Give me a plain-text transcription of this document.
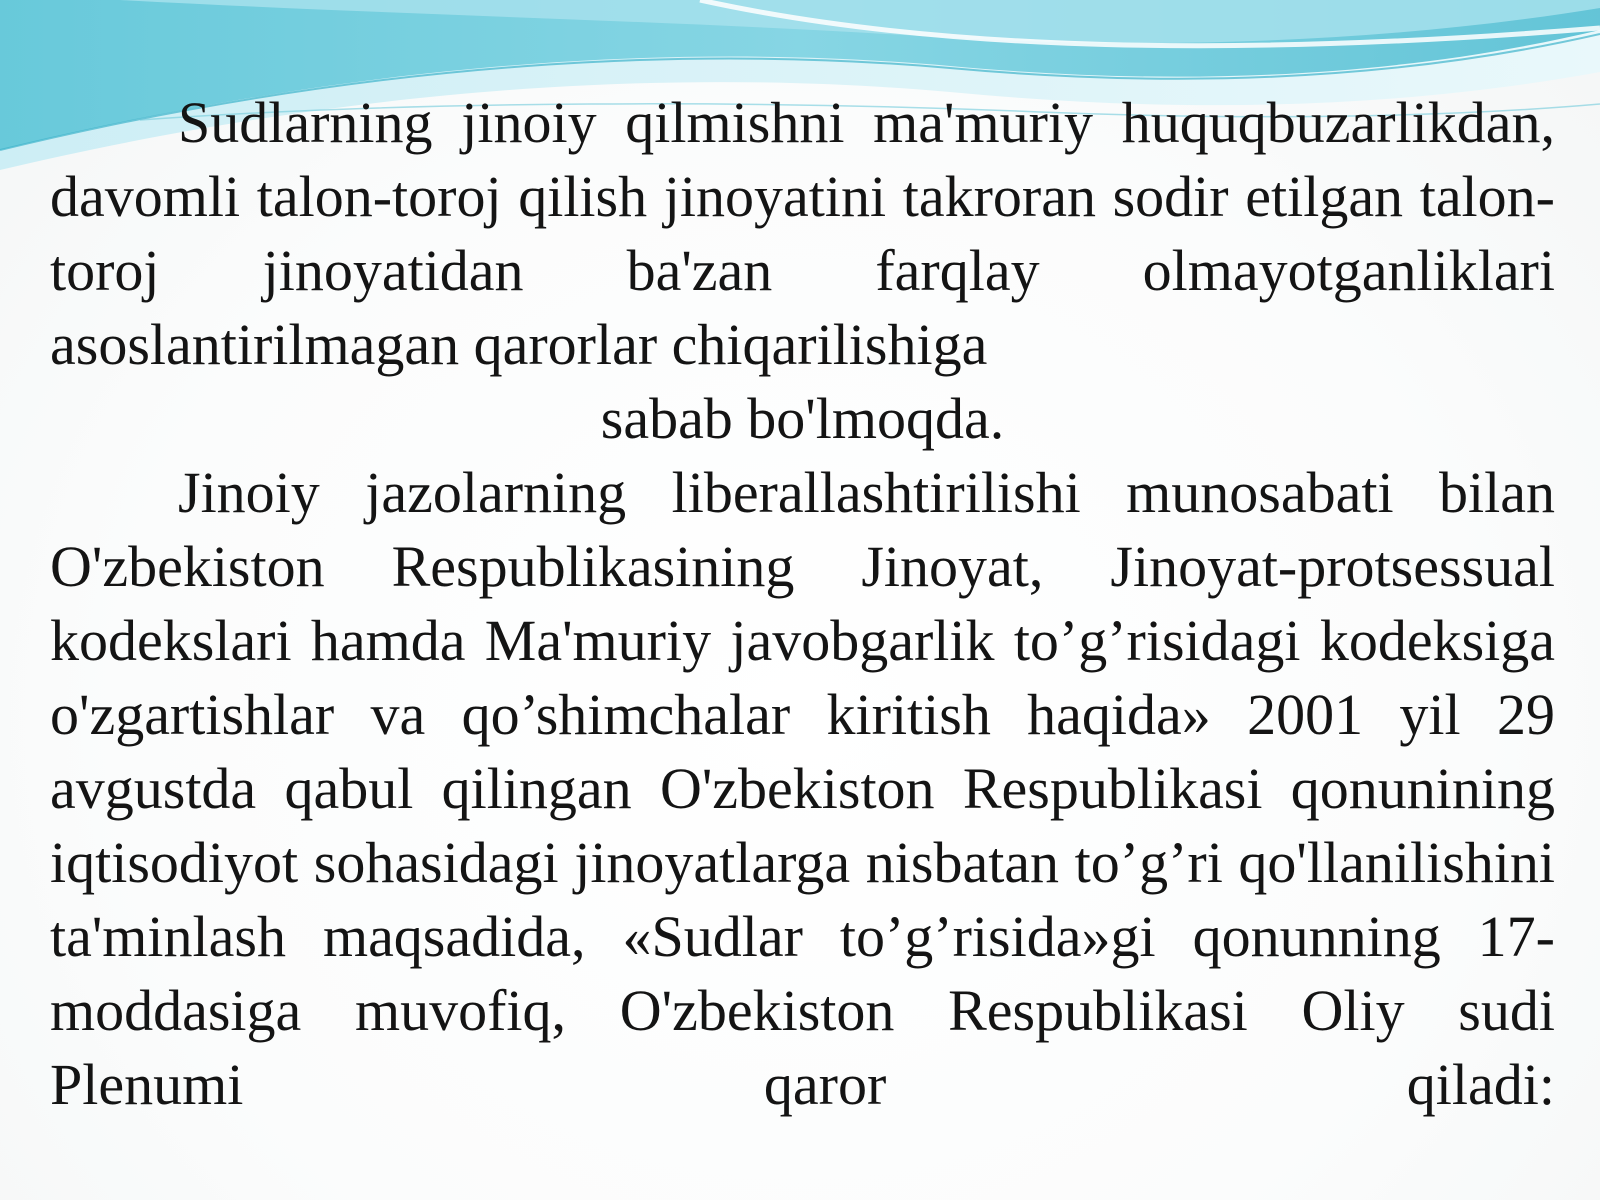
Sudlarning jinoiy qilmishni ma'muriy huquqbuzarlikdan, davomli talon-toroj qilish jinoyatini takroran sodir etilgan talon-toroj jinoyatidan ba'zan farqlay olmayotganliklari asoslantirilmagan qarorlar chiqarilishiga
sabab bo'lmoqda.

Jinoiy jazolarning liberallashtirilishi munosabati bilan O'zbekiston Respublikasining Jinoyat, Jinoyat-protsessual kodekslari hamda Ma'muriy javobgarlik to’g’risidagi kodeksiga o'zgartishlar va qo’shimchalar kiritish haqida» 2001 yil 29 avgustda qabul qilingan O'zbekiston Respublikasi qonunining iqtisodiyot sohasidagi jinoyatlarga nisbatan to’g’ri qo'llanilishini ta'minlash maqsadida, «Sudlar to’g’risida»gi qonunning 17-moddasiga muvofiq, O'zbekiston Respublikasi Oliy sudi Plenumi qaror qiladi:
